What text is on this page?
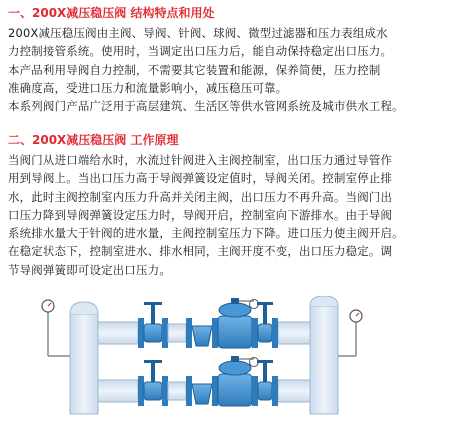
一、200X减压稳压阀 结构特点和用处
200X减压稳压阀由主阀、导阀、针阀、球阀、微型过滤器和压力表组成水
力控制接管系统。使用时，当调定出口压力后，能自动保持稳定出口压力。
本产品利用导阀自力控制，不需要其它装置和能源，保养简便，压力控制
准确度高，受进口压力和流量影响小，减压稳压可靠。
本系列阀门产品广泛用于高层建筑、生活区等供水管网系统及城市供水工程。
二、200X减压稳压阀 工作原理
当阀门从进口端给水时，水流过针阀进入主阀控制室，出口压力通过导管作
用到导阀上。当出口压力高于导阀弹簧设定值时，导阀关闭。控制室停止排
水，此时主阀控制室内压力升高并关闭主阀，出口压力不再升高。当阀门出
口压力降到导阀弹簧设定压力时，导阀开启，控制室向下游排水。由于导阀
系统排水量大于针阀的进水量，主阀控制室压力下降。进口压力使主阀开启。
在稳定状态下，控制室进水、排水相同，主阀开度不变，出口压力稳定。调
节导阀弹簧即可设定出口压力。
